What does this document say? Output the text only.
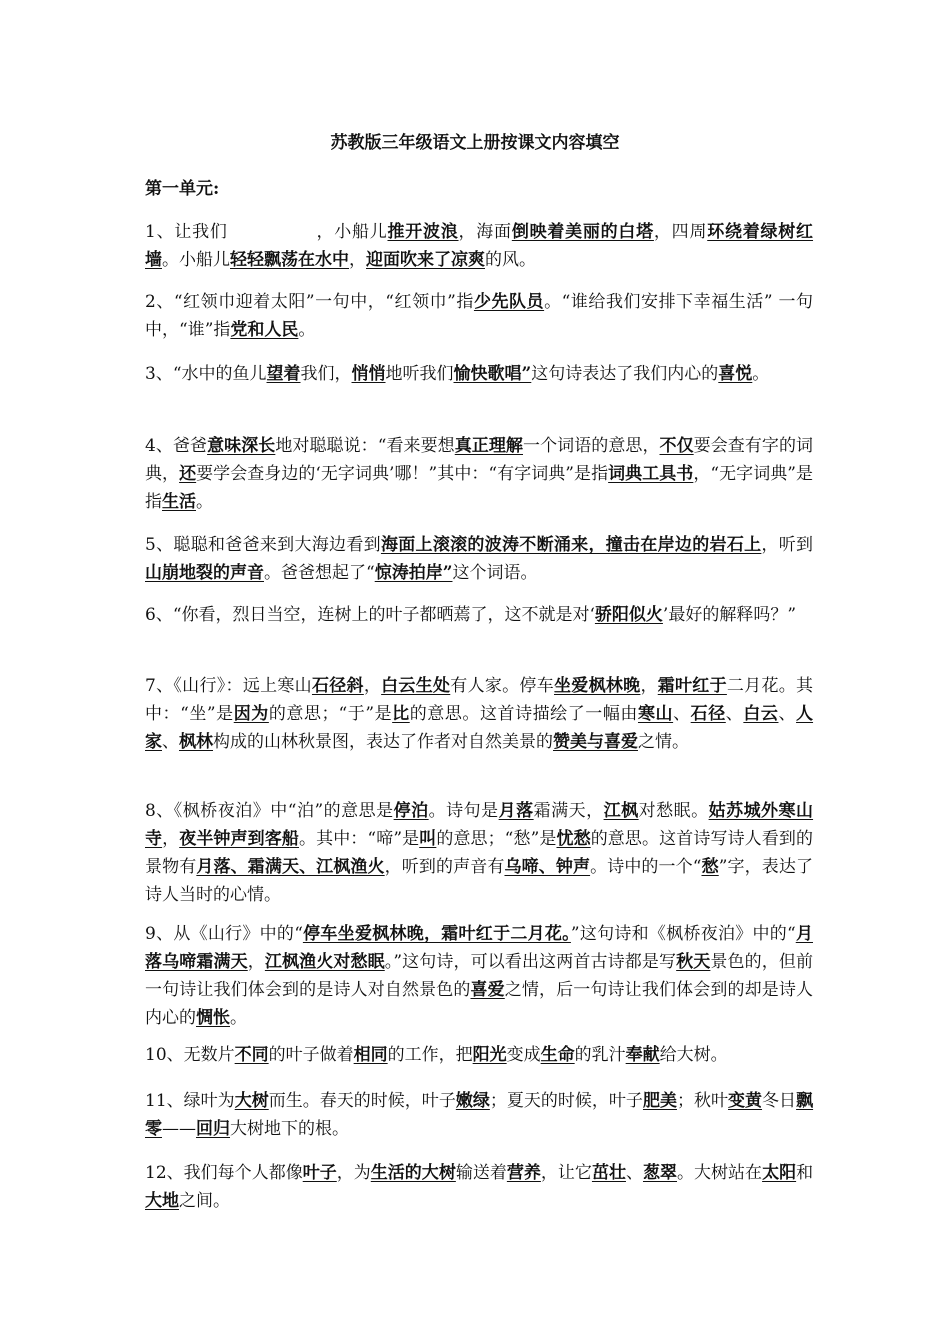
苏教版三年级语文上册按课文内容填空
第一单元:
1、让我们　　　　　	，小船儿推开波浪，海面倒映着美丽的白塔，四周环绕着绿树红墙。小船儿轻轻飘荡在水中，迎面吹来了凉爽的风。
2、“红领巾迎着太阳”一句中，“红领巾”指少先队员。“谁给我们安排下幸福生活” 一句中，“谁”指党和人民。
3、“水中的鱼儿望着我们，悄悄地听我们愉快歌唱”这句诗表达了我们内心的喜悦。
4、爸爸意味深长地对聪聪说：“看来要想真正理解一个词语的意思，不仅要会查有字的词典，还要学会查身边的‘无字词典’哪！”其中：“有字词典”是指词典工具书，“无字词典”是指生活。
5、聪聪和爸爸来到大海边看到海面上滚滚的波涛不断涌来，撞击在岸边的岩石上，听到山崩地裂的声音。爸爸想起了“惊涛拍岸”这个词语。
6、“你看，烈日当空，连树上的叶子都晒蔫了，这不就是对‘骄阳似火’最好的解释吗？”
7、《山行》：远上寒山石径斜，白云生处有人家。停车坐爱枫林晚，霜叶红于二月花。其中：“坐”是因为的意思；“于”是比的意思。这首诗描绘了一幅由寒山、石径、白云、人家、枫林构成的山林秋景图，表达了作者对自然美景的赞美与喜爱之情。
8、《枫桥夜泊》中“泊”的意思是停泊。诗句是月落霜满天，江枫对愁眠。姑苏城外寒山寺，夜半钟声到客船。其中：“啼”是叫的意思；“愁”是忧愁的意思。这首诗写诗人看到的景物有月落、霜满天、江枫渔火，听到的声音有乌啼、钟声。诗中的一个“愁”字，表达了诗人当时的心情。
9、从《山行》中的“停车坐爱枫林晚，霜叶红于二月花。”这句诗和《枫桥夜泊》中的“月落乌啼霜满天，江枫渔火对愁眠。”这句诗，可以看出这两首古诗都是写秋天景色的，但前一句诗让我们体会到的是诗人对自然景色的喜爱之情，后一句诗让我们体会到的却是诗人内心的惆怅。
10、无数片不同的叶子做着相同的工作，把阳光变成生命的乳汁奉献给大树。
11、绿叶为大树而生。春天的时候，叶子嫩绿；夏天的时候，叶子肥美；秋叶变黄冬日飘零——回归大树地下的根。
12、我们每个人都像叶子，为生活的大树输送着营养，让它茁壮、葱翠。大树站在太阳和大地之间。
